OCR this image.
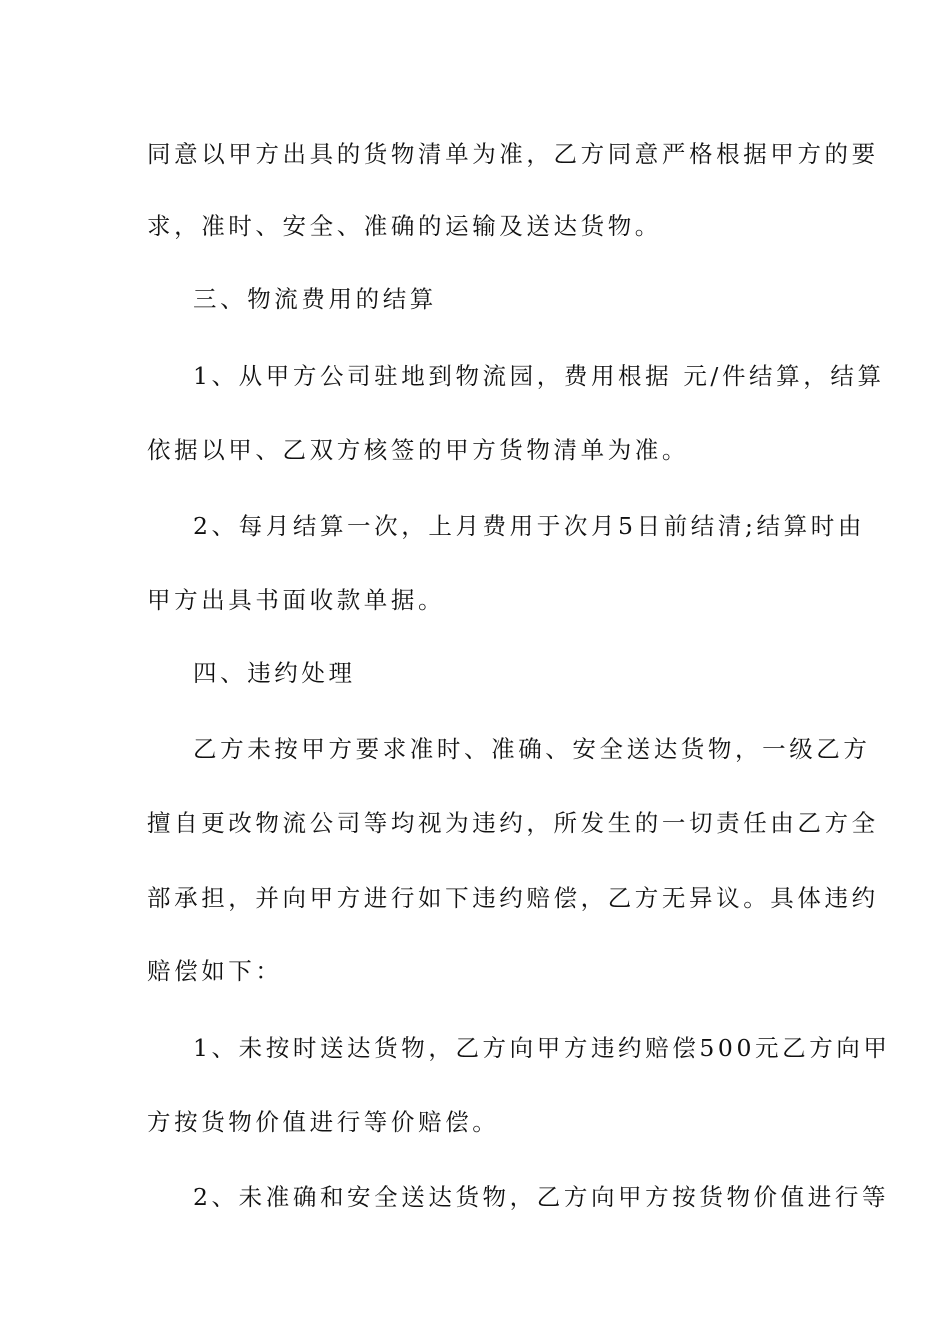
同意以甲方出具的货物清单为准，乙方同意严格根据甲方的要
求，准时、安全、准确的运输及送达货物。
三、物流费用的结算
1、从甲方公司驻地到物流园，费用根据 元/件结算，结算
依据以甲、乙双方核签的甲方货物清单为准。
2、每月结算一次，上月费用于次月5日前结清;结算时由
甲方出具书面收款单据。
四、违约处理
乙方未按甲方要求准时、准确、安全送达货物，一级乙方
擅自更改物流公司等均视为违约，所发生的一切责任由乙方全
部承担，并向甲方进行如下违约赔偿，乙方无异议。具体违约
赔偿如下：
1、未按时送达货物，乙方向甲方违约赔偿500元乙方向甲
方按货物价值进行等价赔偿。
2、未准确和安全送达货物，乙方向甲方按货物价值进行等
